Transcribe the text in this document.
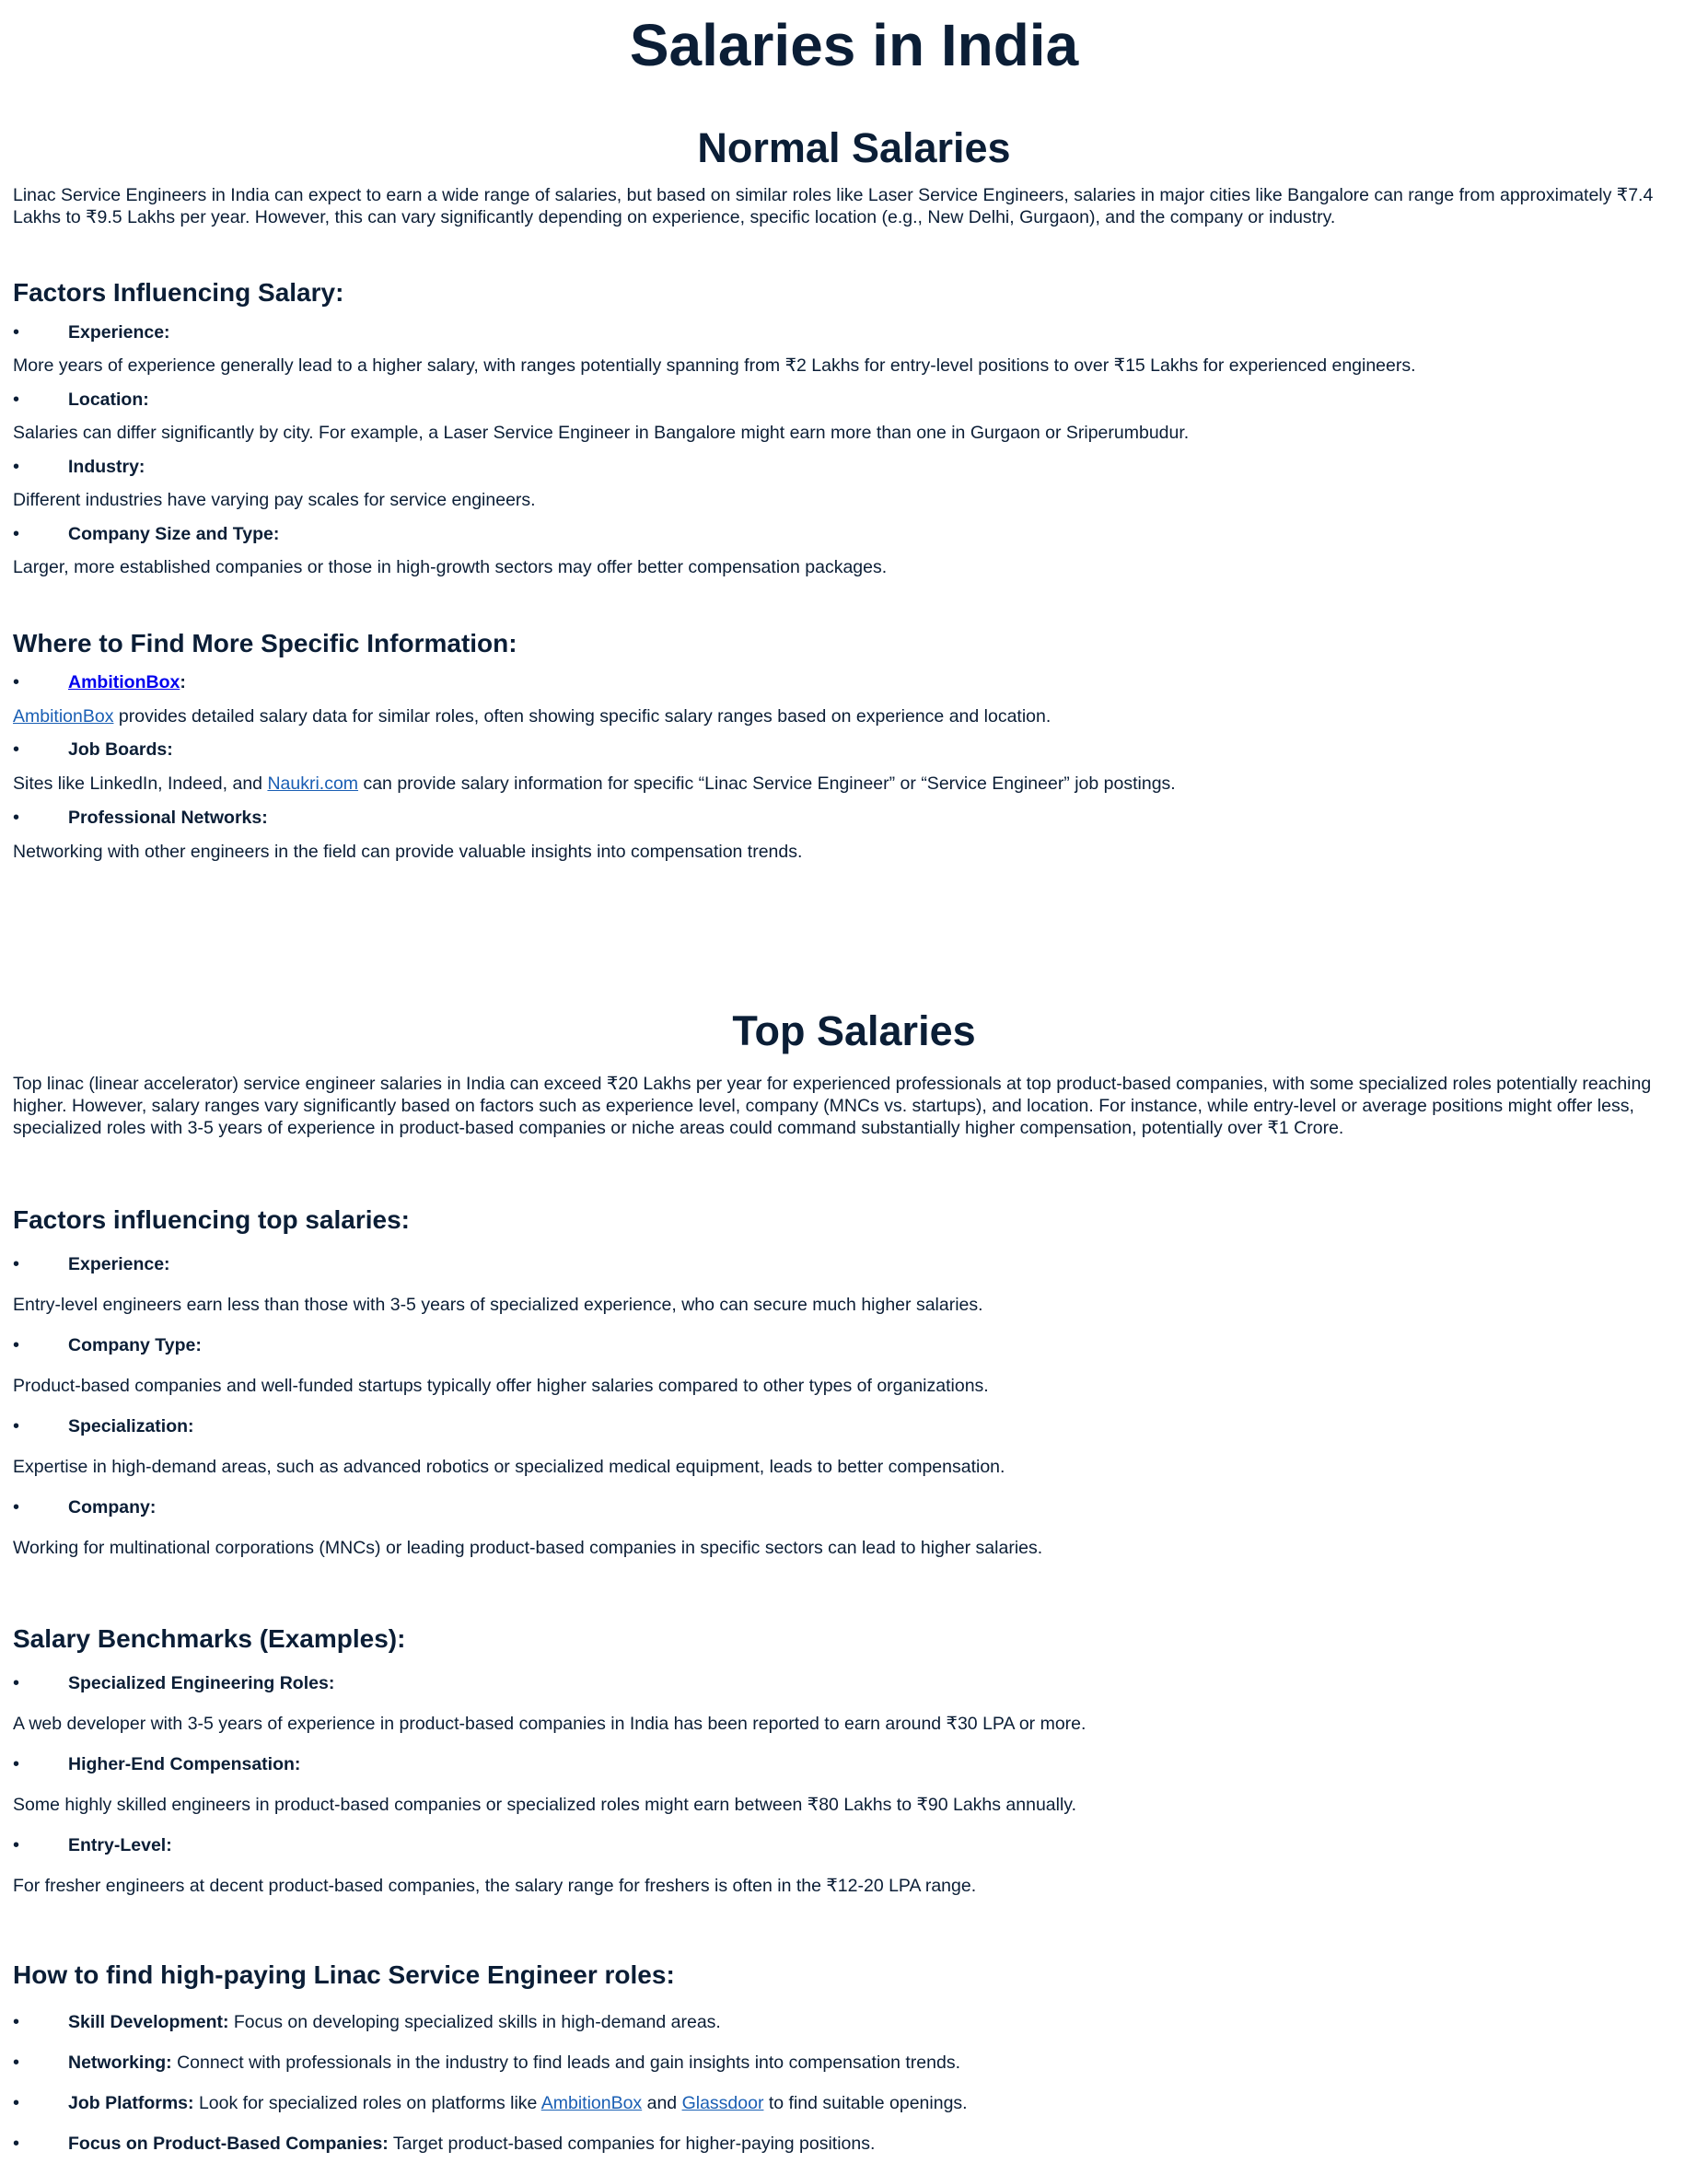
Salaries in India
Normal Salaries

Linac Service Engineers in India can expect to earn a wide range of salaries, but based on similar roles like Laser Service Engineers, salaries in major cities like Bangalore can range from approximately ₹7.4 Lakhs to ₹9.5 Lakhs per year. However, this can vary significantly depending on experience, specific location (e.g., New Delhi, Gurgaon), and the company or industry.

Factors Influencing Salary:
•	Experience:

More years of experience generally lead to a higher salary, with ranges potentially spanning from ₹2 Lakhs for entry-level positions to over ₹15 Lakhs for experienced engineers.

•	Location:

Salaries can differ significantly by city. For example, a Laser Service Engineer in Bangalore might earn more than one in Gurgaon or Sriperumbudur.

•	Industry:

Different industries have varying pay scales for service engineers.

•	Company Size and Type:

Larger, more established companies or those in high-growth sectors may offer better compensation packages.

Where to Find More Specific Information:
•	AmbitionBox:

AmbitionBox provides detailed salary data for similar roles, often showing specific salary ranges based on experience and location.

•	Job Boards:

Sites like LinkedIn, Indeed, and Naukri.com can provide salary information for specific “Linac Service Engineer” or “Service Engineer” job postings.

•	Professional Networks:

Networking with other engineers in the field can provide valuable insights into compensation trends.

Top Salaries

Top linac (linear accelerator) service engineer salaries in India can exceed ₹20 Lakhs per year for experienced professionals at top product-based companies, with some specialized roles potentially reaching higher. However, salary ranges vary significantly based on factors such as experience level, company (MNCs vs. startups), and location. For instance, while entry-level or average positions might offer less, specialized roles with 3-5 years of experience in product-based companies or niche areas could command substantially higher compensation, potentially over ₹1 Crore.

Factors influencing top salaries:
•	Experience:

Entry-level engineers earn less than those with 3-5 years of specialized experience, who can secure much higher salaries.

•	Company Type:

Product-based companies and well-funded startups typically offer higher salaries compared to other types of organizations.

•	Specialization:

Expertise in high-demand areas, such as advanced robotics or specialized medical equipment, leads to better compensation.

•	Company:

Working for multinational corporations (MNCs) or leading product-based companies in specific sectors can lead to higher salaries.

Salary Benchmarks (Examples):
•	Specialized Engineering Roles:

A web developer with 3-5 years of experience in product-based companies in India has been reported to earn around ₹30 LPA or more.

•	Higher-End Compensation:

Some highly skilled engineers in product-based companies or specialized roles might earn between ₹80 Lakhs to ₹90 Lakhs annually.

•	Entry-Level:

For fresher engineers at decent product-based companies, the salary range for freshers is often in the ₹12-20 LPA range.

How to find high-paying Linac Service Engineer roles:
•	Skill Development: Focus on developing specialized skills in high-demand areas.
•	Networking: Connect with professionals in the industry to find leads and gain insights into compensation trends.
•	Job Platforms: Look for specialized roles on platforms like AmbitionBox and Glassdoor to find suitable openings.
•	Focus on Product-Based Companies: Target product-based companies for higher-paying positions.
